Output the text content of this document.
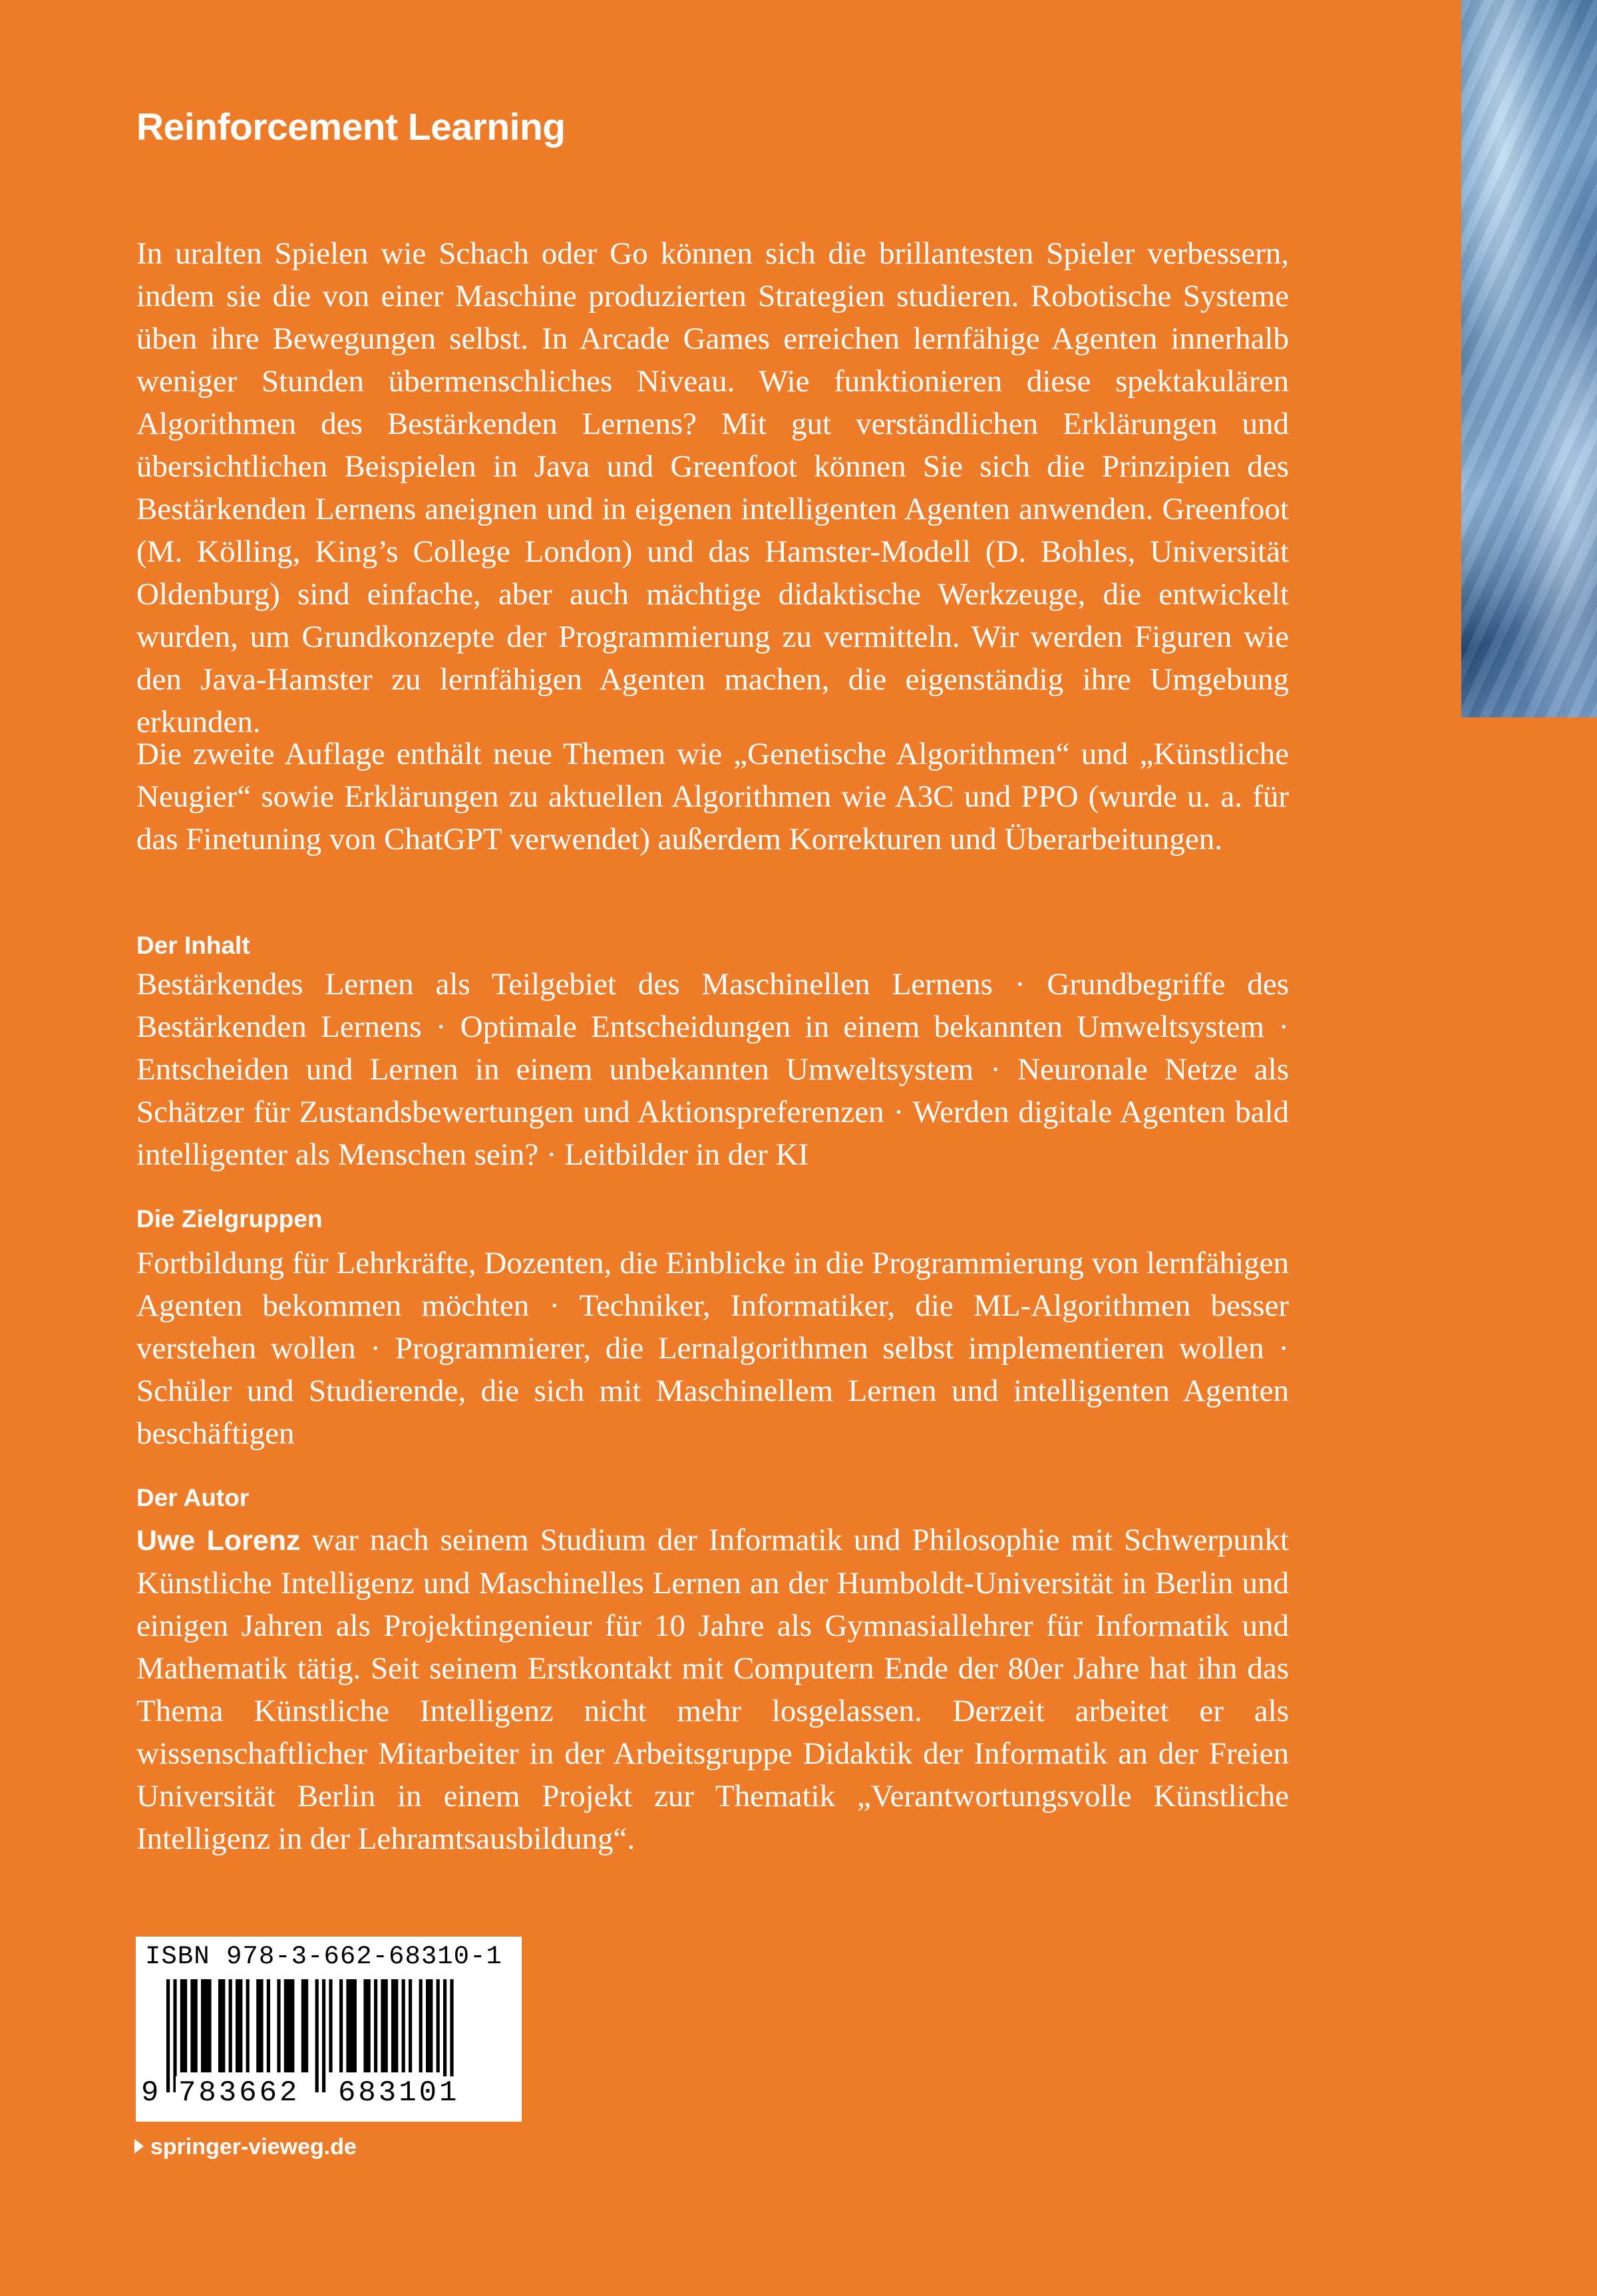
Reinforcement Learning

In uralten Spielen wie Schach oder Go können sich die brillantesten Spieler verbessern, indem sie die von einer Maschine produzierten Strategien studieren. Robotische Systeme üben ihre Bewegungen selbst. In Arcade Games erreichen lernfähige Agenten innerhalb weniger Stunden übermenschliches Niveau. Wie funktionieren diese spektakulären Algorithmen des Bestärkenden Lernens? Mit gut verständlichen Erklärungen und übersichtlichen Beispielen in Java und Greenfoot können Sie sich die Prinzipien des Bestärkenden Lernens aneignen und in eigenen intelligenten Agenten anwenden. Greenfoot (M. Kölling, King’s College London) und das Hamster-Modell (D. Bohles, Universität Oldenburg) sind einfache, aber auch mächtige didaktische Werkzeuge, die entwickelt wurden, um Grundkonzepte der Programmierung zu vermitteln. Wir werden Figuren wie den Java-Hamster zu lernfähigen Agenten machen, die eigenständig ihre Umgebung erkunden.

Die zweite Auflage enthält neue Themen wie „Genetische Algorithmen“ und „Künstliche Neugier“ sowie Erklärungen zu aktuellen Algorithmen wie A3C und PPO (wurde u. a. für das Finetuning von ChatGPT verwendet) außerdem Korrekturen und Überarbeitungen.

Der Inhalt

Bestärkendes Lernen als Teilgebiet des Maschinellen Lernens · Grundbegriffe des Bestärkenden Lernens · Optimale Entscheidungen in einem bekannten Umweltsystem · Entscheiden und Lernen in einem unbekannten Umweltsystem · Neuronale Netze als Schätzer für Zustandsbewertungen und Aktionspreferenzen · Werden digitale Agenten bald intelligenter als Menschen sein? · Leitbilder in der KI

Die Zielgruppen

Fortbildung für Lehrkräfte, Dozenten, die Einblicke in die Programmierung von lernfähigen Agenten bekommen möchten · Techniker, Informatiker, die ML-Algorithmen besser verstehen wollen · Programmierer, die Lernalgorithmen selbst implementieren wollen · Schüler und Studierende, die sich mit Maschinellem Lernen und intelligenten Agenten beschäftigen

Der Autor

Uwe Lorenz war nach seinem Studium der Informatik und Philosophie mit Schwerpunkt Künstliche Intelligenz und Maschinelles Lernen an der Humboldt-Universität in Berlin und einigen Jahren als Projektingenieur für 10 Jahre als Gymnasiallehrer für Informatik und Mathematik tätig. Seit seinem Erstkontakt mit Computern Ende der 80er Jahre hat ihn das Thema Künstliche Intelligenz nicht mehr losgelassen. Derzeit arbeitet er als wissenschaftlicher Mitarbeiter in der Arbeitsgruppe Didaktik der Informatik an der Freien Universität Berlin in einem Projekt zur Thematik „Verantwortungsvolle Künstliche Intelligenz in der Lehramtsausbildung“.

ISBN 978-3-662-68310-1
9 783662 683101
springer-vieweg.de
